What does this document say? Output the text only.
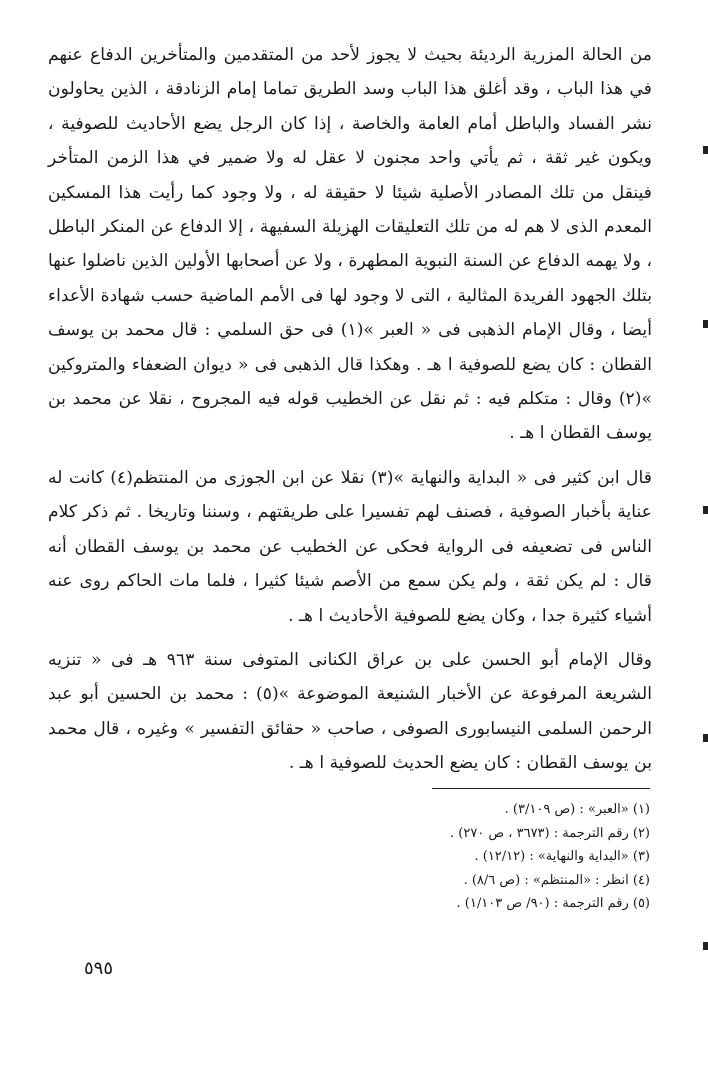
من الحالة المزرية الرديئة بحيث لا يجوز لأحد من المتقدمين والمتأخرين الدفاع عنهم في هذا الباب ، وقد أغلق هذا الباب وسد الطريق تماما إمام الزنادقة ، الذين يحاولون نشر الفساد والباطل أمام العامة والخاصة ، إذا كان الرجل يضع الأحاديث للصوفية ، ويكون غير ثقة ، ثم يأتي واحد مجنون لا عقل له ولا ضمير في هذا الزمن المتأخر فينقل من تلك المصادر الأصلية شيئا لا حقيقة له ، ولا وجود كما رأيت هذا المسكين المعدم الذى لا هم له من تلك التعليقات الهزيلة السفيهة ، إلا الدفاع عن المنكر الباطل ، ولا يهمه الدفاع عن السنة النبوية المطهرة ، ولا عن أصحابها الأولين الذين ناضلوا عنها بتلك الجهود الفريدة المثالية ، التى لا وجود لها فى الأمم الماضية حسب شهادة الأعداء أيضا ، وقال الإمام الذهبى فى « العبر »(١) فى حق السلمي : قال محمد بن يوسف القطان : كان يضع للصوفية ا هـ . وهكذا قال الذهبى فى « ديوان الضعفاء والمتروكين »(٢) وقال : متكلم فيه : ثم نقل عن الخطيب قوله فيه المجروح ، نقلا عن محمد بن يوسف القطان ا هـ .

قال ابن كثير فى « البداية والنهاية »(٣) نقلا عن ابن الجوزى من المنتظم(٤) كانت له عناية بأخبار الصوفية ، فصنف لهم تفسيرا على طريقتهم ، وسننا وتاريخا . ثم ذكر كلام الناس فى تضعيفه فى الرواية فحكى عن الخطيب عن محمد بن يوسف القطان أنه قال : لم يكن ثقة ، ولم يكن سمع من الأصم شيئا كثيرا ، فلما مات الحاكم روى عنه أشياء كثيرة جدا ، وكان يضع للصوفية الأحاديث ا هـ .

وقال الإمام أبو الحسن على بن عراق الكنانى المتوفى سنة ٩٦٣ هـ فى « تنزيه الشريعة المرفوعة عن الأخبار الشنيعة الموضوعة »(٥) : محمد بن الحسين أبو عبد الرحمن السلمى النيسابورى الصوفى ، صاحب « حقائق التفسير » وغيره ، قال محمد بن يوسف القطان : كان يضع الحديث للصوفية ا هـ .

(١) «العبر» : (ص ٣/١٠٩) .

(٢) رقم الترجمة : (٣٦٧٣ ، ص ٢٧٠) .

(٣) «البداية والنهاية» : (١٢/١٢) .

(٤) انظر : «المنتظم» : (ص ٨/٦) .

(٥) رقم الترجمة : (٩٠/ ص ١/١٠٣) .

٥٩٥
